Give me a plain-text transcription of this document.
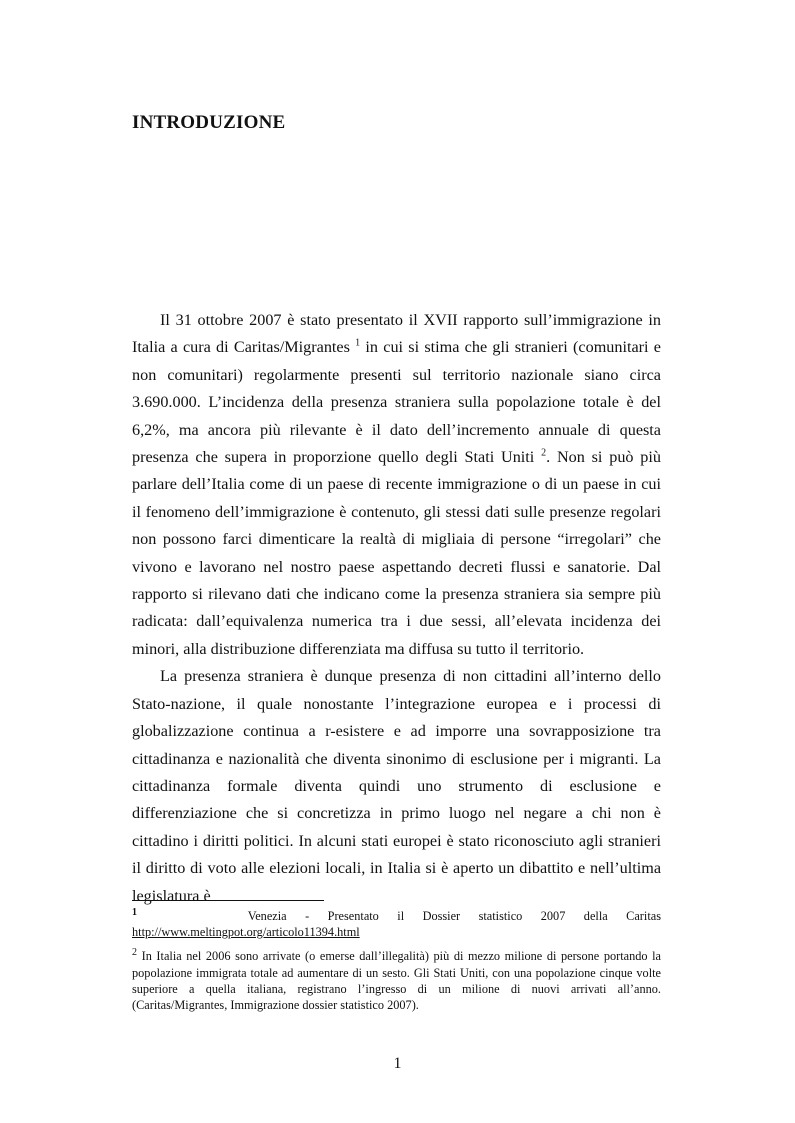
INTRODUZIONE

Il 31 ottobre 2007 è stato presentato il XVII rapporto sull’immigrazione in Italia a cura di Caritas/Migrantes $^1$ in cui si stima che gli stranieri (comunitari e non comunitari) regolarmente presenti sul territorio nazionale siano circa 3.690.000. L’incidenza della presenza straniera sulla popolazione totale è del 6,2%, ma ancora più rilevante è il dato dell’incremento annuale di questa presenza che supera in proporzione quello degli Stati Uniti $^2$. Non si può più parlare dell’Italia come di un paese di recente immigrazione o di un paese in cui il fenomeno dell’immigrazione è contenuto, gli stessi dati sulle presenze regolari non possono farci dimenticare la realtà di migliaia di persone “irregolari” che vivono e lavorano nel nostro paese aspettando decreti flussi e sanatorie. Dal rapporto si rilevano dati che indicano come la presenza straniera sia sempre più radicata: dall’equivalenza numerica tra i due sessi, all’elevata incidenza dei minori, alla distribuzione differenziata ma diffusa su tutto il territorio.

La presenza straniera è dunque presenza di non cittadini all’interno dello Stato-nazione, il quale nonostante l’integrazione europea e i processi di globalizzazione continua a r-esistere e ad imporre una sovrapposizione tra cittadinanza e nazionalità che diventa sinonimo di esclusione per i migranti. La cittadinanza formale diventa quindi uno strumento di esclusione e differenziazione che si concretizza in primo luogo nel negare a chi non è cittadino i diritti politici. In alcuni stati europei è stato riconosciuto agli stranieri il diritto di voto alle elezioni locali, in Italia si è aperto un dibattito e nell’ultima legislatura è

$^1$	Venezia - Presentato il Dossier statistico 2007 della Caritas http://www.meltingpot.org/articolo11394.html

$^2$ In Italia nel 2006 sono arrivate (o emerse dall’illegalità) più di mezzo milione di persone portando la popolazione immigrata totale ad aumentare di un sesto. Gli Stati Uniti, con una popolazione cinque volte superiore a quella italiana, registrano l’ingresso di un milione di nuovi arrivati all’anno. (Caritas/Migrantes, Immigrazione dossier statistico 2007).

1
